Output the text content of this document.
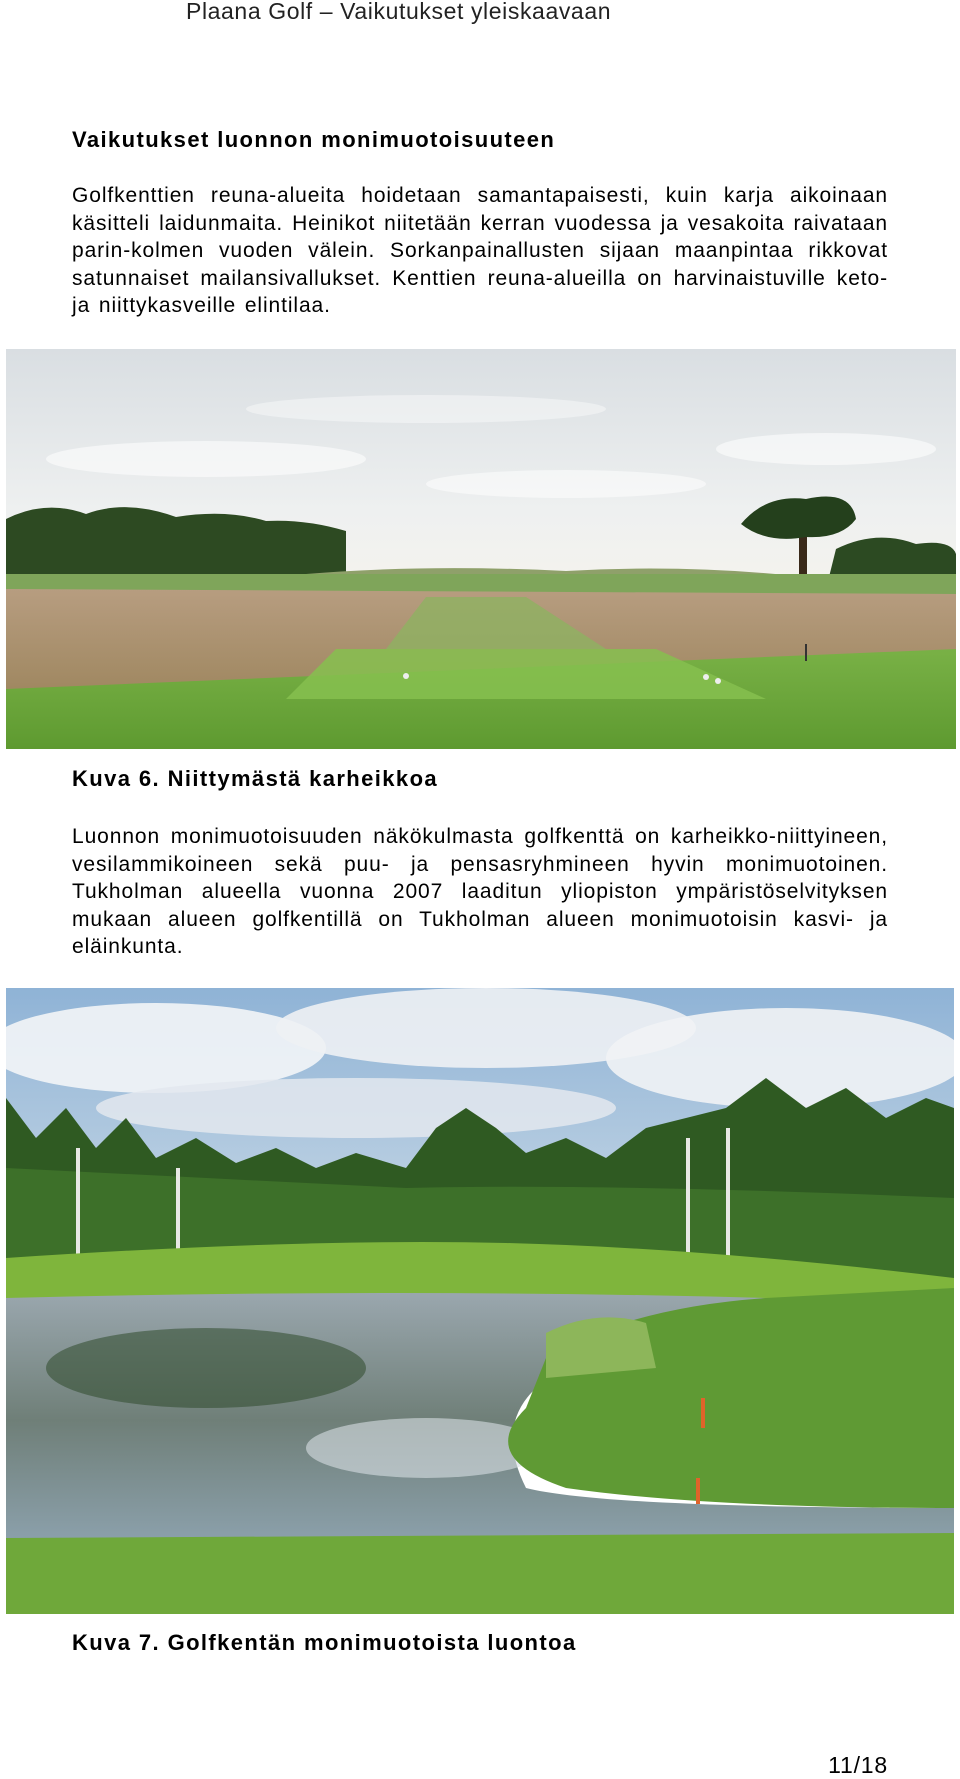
Plaana Golf – Vaikutukset yleiskaavaan
Vaikutukset luonnon monimuotoisuuteen
Golfkenttien reuna-alueita hoidetaan samantapaisesti, kuin karja aikoinaan käsitteli laidunmaita. Heinikot niitetään kerran vuodessa ja vesakoita raivataan parin-kolmen vuoden välein. Sorkanpainallusten sijaan maanpintaa rikkovat satunnaiset mailansivallukset. Kenttien reuna-alueilla on harvinaistuville keto- ja niittykasveille elintilaa.
Kuva 6. Niittymästä karheikkoa
Luonnon monimuotoisuuden näkökulmasta golfkenttä on karheikko-niittyineen, vesilammikoineen sekä puu- ja pensasryhmineen hyvin monimuotoinen. Tukholman alueella vuonna 2007 laaditun yliopiston ympäristöselvityksen mukaan alueen golfkentillä on Tukholman alueen monimuotoisin kasvi- ja eläinkunta.
Kuva 7. Golfkentän monimuotoista luontoa
11/18
